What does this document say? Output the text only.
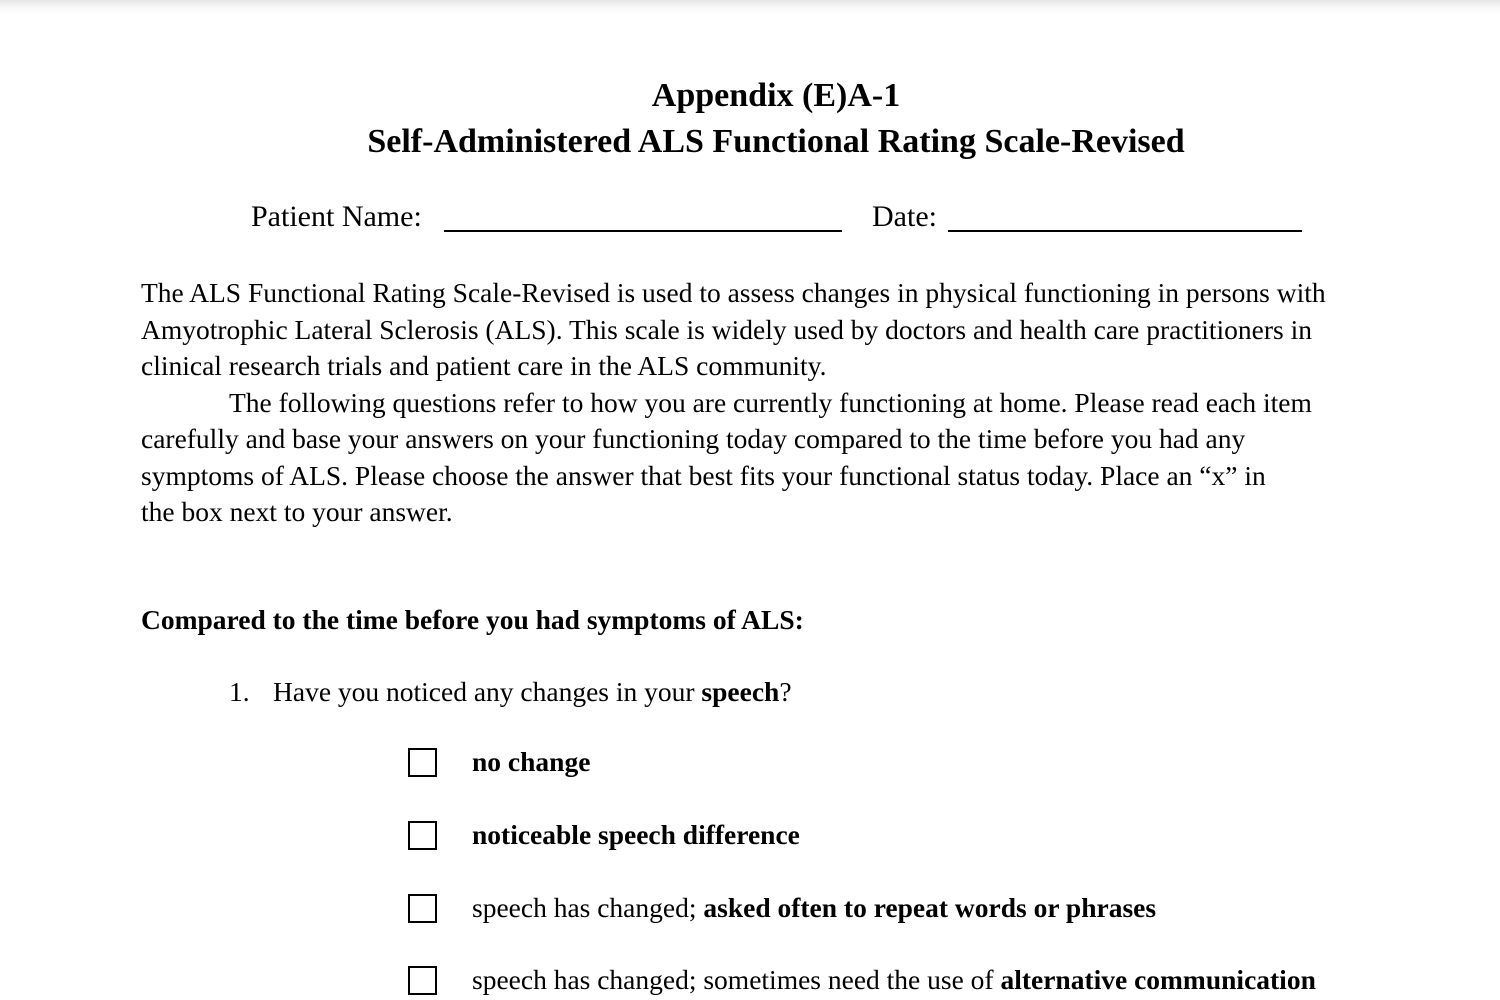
Appendix (E)A-1
Self-Administered ALS Functional Rating Scale-Revised
Patient Name:	Date:
The ALS Functional Rating Scale-Revised is used to assess changes in physical functioning in persons with
Amyotrophic Lateral Sclerosis (ALS). This scale is widely used by doctors and health care practitioners in
clinical research trials and patient care in the ALS community.
The following questions refer to how you are currently functioning at home. Please read each item
carefully and base your answers on your functioning today compared to the time before you had any
symptoms of ALS. Please choose the answer that best fits your functional status today. Place an “x” in
the box next to your answer.
Compared to the time before you had symptoms of ALS:
1. Have you noticed any changes in your speech?
no change
noticeable speech difference
speech has changed; asked often to repeat words or phrases
speech has changed; sometimes need the use of alternative communication
